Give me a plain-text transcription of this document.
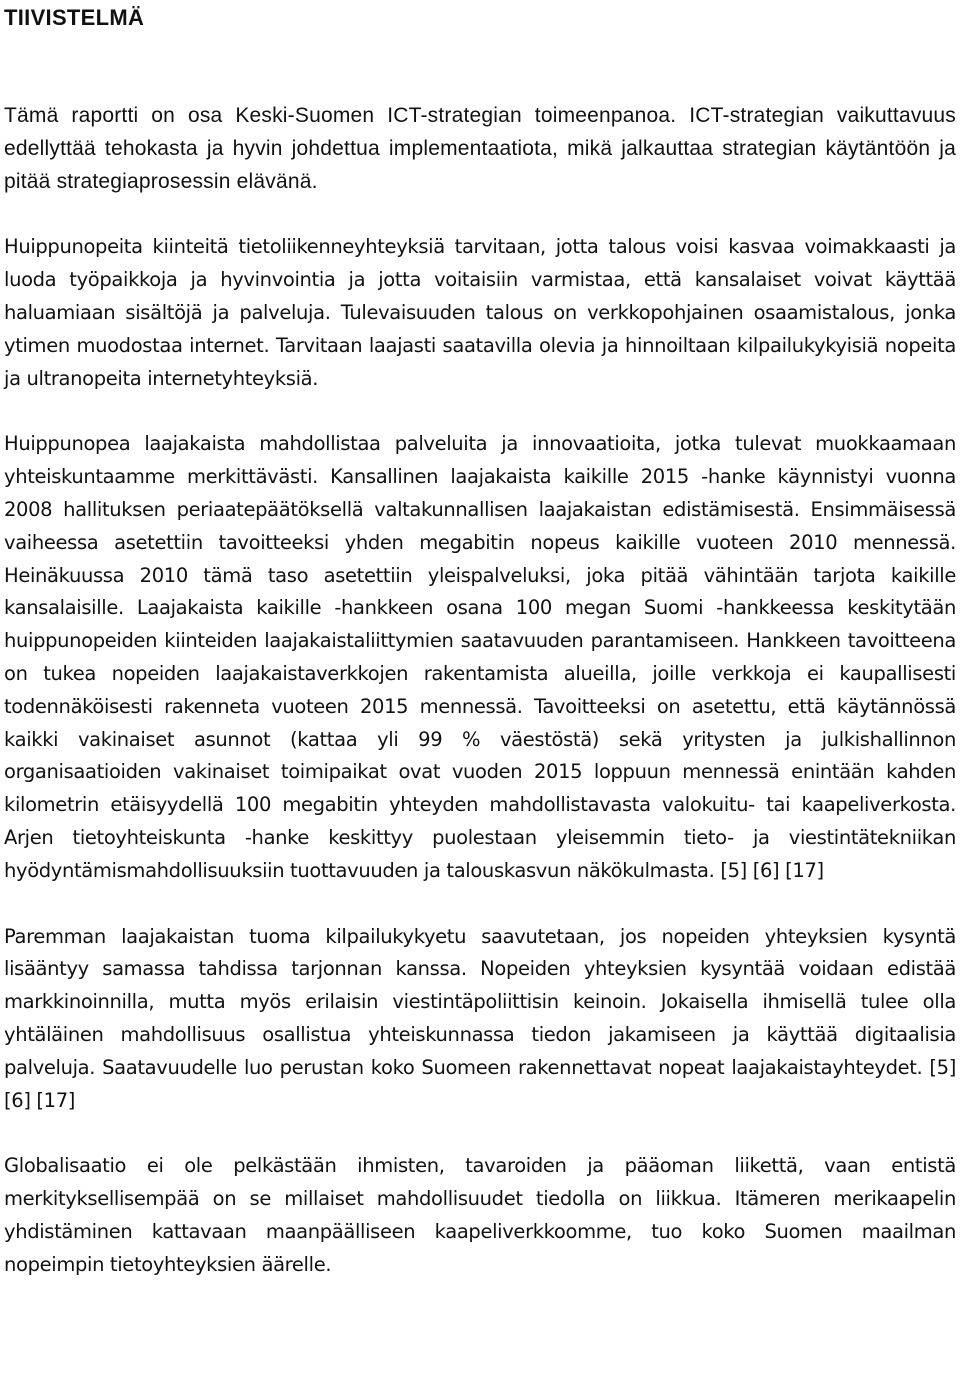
TIIVISTELMÄ

Tämä raportti on osa Keski-Suomen ICT-strategian toimeenpanoa. ICT-strategian vaikuttavuus edellyttää tehokasta ja hyvin johdettua implementaatiota, mikä jalkauttaa strategian käytäntöön ja pitää strategiaprosessin elävänä.

Huippunopeita kiinteitä tietoliikenneyhteyksiä tarvitaan, jotta talous voisi kasvaa voimakkaasti ja luoda työpaikkoja ja hyvinvointia ja jotta voitaisiin varmistaa, että kansalaiset voivat käyttää haluamiaan sisältöjä ja palveluja. Tulevaisuuden talous on verkkopohjainen osaamistalous, jonka ytimen muodostaa internet. Tarvitaan laajasti saatavilla olevia ja hinnoiltaan kilpailukykyisiä nopeita ja ultranopeita internetyhteyksiä.

Huippunopea laajakaista mahdollistaa palveluita ja innovaatioita, jotka tulevat muokkaamaan yhteiskuntaamme merkittävästi. Kansallinen laajakaista kaikille 2015 -hanke käynnistyi vuonna 2008 hallituksen periaatepäätöksellä valtakunnallisen laajakaistan edistämisestä. Ensimmäisessä vaiheessa asetettiin tavoitteeksi yhden megabitin nopeus kaikille vuoteen 2010 mennessä. Heinäkuussa 2010 tämä taso asetettiin yleispalveluksi, joka pitää vähintään tarjota kaikille kansalaisille. Laajakaista kaikille -hankkeen osana 100 megan Suomi -hankkeessa keskitytään huippunopeiden kiinteiden laajakaistaliittymien saatavuuden parantamiseen. Hankkeen tavoitteena on tukea nopeiden laajakaistaverkkojen rakentamista alueilla, joille verkkoja ei kaupallisesti todennäköisesti rakenneta vuoteen 2015 mennessä. Tavoitteeksi on asetettu, että käytännössä kaikki vakinaiset asunnot (kattaa yli 99 % väestöstä) sekä yritysten ja julkishallinnon organisaatioiden vakinaiset toimipaikat ovat vuoden 2015 loppuun mennessä enintään kahden kilometrin etäisyydellä 100 megabitin yhteyden mahdollistavasta valokuitu- tai kaapeliverkosta. Arjen tietoyhteiskunta -hanke keskittyy puolestaan yleisemmin tieto- ja viestintätekniikan hyödyntämismahdollisuuksiin tuottavuuden ja talouskasvun näkökulmasta. [5] [6] [17]

Paremman laajakaistan tuoma kilpailukykyetu saavutetaan, jos nopeiden yhteyksien kysyntä lisääntyy samassa tahdissa tarjonnan kanssa. Nopeiden yhteyksien kysyntää voidaan edistää markkinoinnilla, mutta myös erilaisin viestintäpoliittisin keinoin. Jokaisella ihmisellä tulee olla yhtäläinen mahdollisuus osallistua yhteiskunnassa tiedon jakamiseen ja käyttää digitaalisia palveluja. Saatavuudelle luo perustan koko Suomeen rakennettavat nopeat laajakaistayhteydet. [5] [6] [17]

Globalisaatio ei ole pelkästään ihmisten, tavaroiden ja pääoman liikettä, vaan entistä merkityksellisempää on se millaiset mahdollisuudet tiedolla on liikkua. Itämeren merikaapelin yhdistäminen kattavaan maanpäälliseen kaapeliverkkoomme, tuo koko Suomen maailman nopeimpin tietoyhteyksien äärelle.
